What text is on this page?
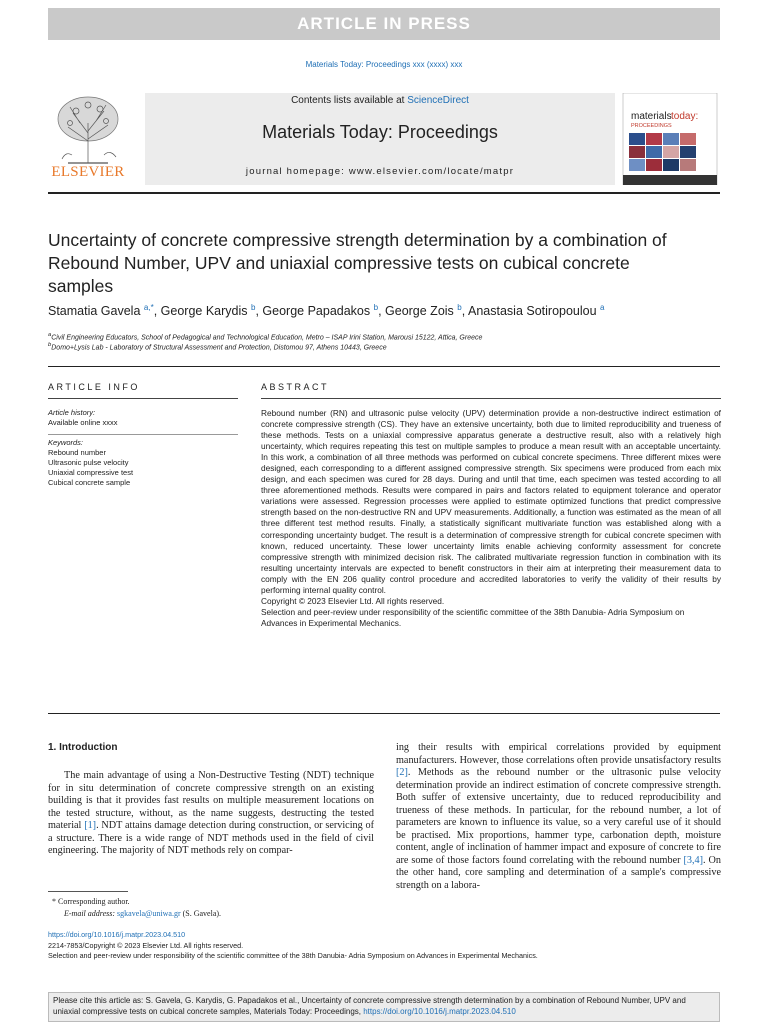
ARTICLE IN PRESS
Materials Today: Proceedings xxx (xxxx) xxx
ELSEVIER
Contents lists available at ScienceDirect
Materials Today: Proceedings
journal homepage: www.elsevier.com/locate/matpr
materials today:
PROCEEDINGS
Uncertainty of concrete compressive strength determination by a combination of Rebound Number, UPV and uniaxial compressive tests on cubical concrete samples
Stamatia Gavela $^{a,*}$, George Karydis $^b$, George Papadakos $^b$, George Zois $^b$, Anastasia Sotiropoulou $^a$
$^a$Civil Engineering Educators, School of Pedagogical and Technological Education, Metro – ISAP Irini Station, Marousi 15122, Attica, Greece
$^b$Domo+Lysis Lab - Laboratory of Structural Assessment and Protection, Distomou 97, Athens 10443, Greece
ARTICLE INFO
Article history:
Available online xxxx
Keywords:
Rebound number
Ultrasonic pulse velocity
Uniaxial compressive test
Cubical concrete sample
ABSTRACT

Rebound number (RN) and ultrasonic pulse velocity (UPV) determination provide a non-destructive indirect estimation of concrete compressive strength (CS). They have an extensive uncertainty, both due to limited reproducibility and trueness of these methods. Tests on a uniaxial compressive apparatus generate a destructive result, also with a relatively high uncertainty, which requires repeating this test on multiple samples to produce a mean result with an acceptable uncertainty. In this work, a combination of all three methods was performed on cubical concrete specimens. Three different mixes were designed, each corresponding to a different assigned compressive strength. Six specimens were produced from each mix design, and each specimen was cured for 28 days. During and until that time, each specimen was tested according to all three aforementioned methods. Results were compared in pairs and factors related to equipment tolerance and operator variations were assessed. Regression processes were applied to estimate optimized functions that predict compressive strength based on the non-destructive RN and UPV measurements. Additionally, a function was estimated as the mean of all three different test method results. Finally, a statistically significant multivariate function was established along with a corresponding uncertainty budget. The result is a determination of compressive strength for cubical concrete specimen with known, reduced uncertainty. These lower uncertainty limits enable achieving conformity assessment for concrete compressive strength with minimized decision risk. The calibrated multivariate regression function in combination with its resulting uncertainty intervals are expected to benefit constructors in their aim at interpreting their measurement data to comply with the EN 206 quality control procedure and accredited laboratories to verify the validity of their results by performing internal quality control.

Copyright © 2023 Elsevier Ltd. All rights reserved.

Selection and peer-review under responsibility of the scientific committee of the 38th Danubia- Adria Symposium on Advances in Experimental Mechanics.

1. Introduction

The main advantage of using a Non-Destructive Testing (NDT) technique for in situ determination of concrete compressive strength on an existing building is that it provides fast results on multiple measurement locations on the tested structure, without, as the name suggests, destructing the tested material [1]. NDT attains damage detection during construction, or servicing of a structure. There is a wide range of NDT methods used in the field of civil engineering. The majority of NDT methods rely on compar-

ing their results with empirical correlations provided by equipment manufacturers. However, those correlations often provide unsatisfactory results [2]. Methods as the rebound number or the ultrasonic pulse velocity determination provide an indirect estimation of concrete compressive strength. Both suffer of extensive uncertainty, due to reduced reproducibility and trueness of these methods. In particular, for the rebound number, a lot of parameters are known to influence its value, so a very careful use of it should be practised. Mix proportions, hammer type, carbonation depth, moisture content, angle of inclination of hammer impact and exposure of concrete to fire are some of those factors found correlating with the rebound number [3,4]. On the other hand, core sampling and determination of a sample's compressive strength on a labora-

* Corresponding author.
E-mail address: sgkavela@uniwa.gr (S. Gavela).
https://doi.org/10.1016/j.matpr.2023.04.510
2214-7853/Copyright © 2023 Elsevier Ltd. All rights reserved.
Selection and peer-review under responsibility of the scientific committee of the 38th Danubia- Adria Symposium on Advances in Experimental Mechanics.
Please cite this article as: S. Gavela, G. Karydis, G. Papadakos et al., Uncertainty of concrete compressive strength determination by a combination of Rebound Number, UPV and uniaxial compressive tests on cubical concrete samples, Materials Today: Proceedings, https://doi.org/10.1016/j.matpr.2023.04.510
